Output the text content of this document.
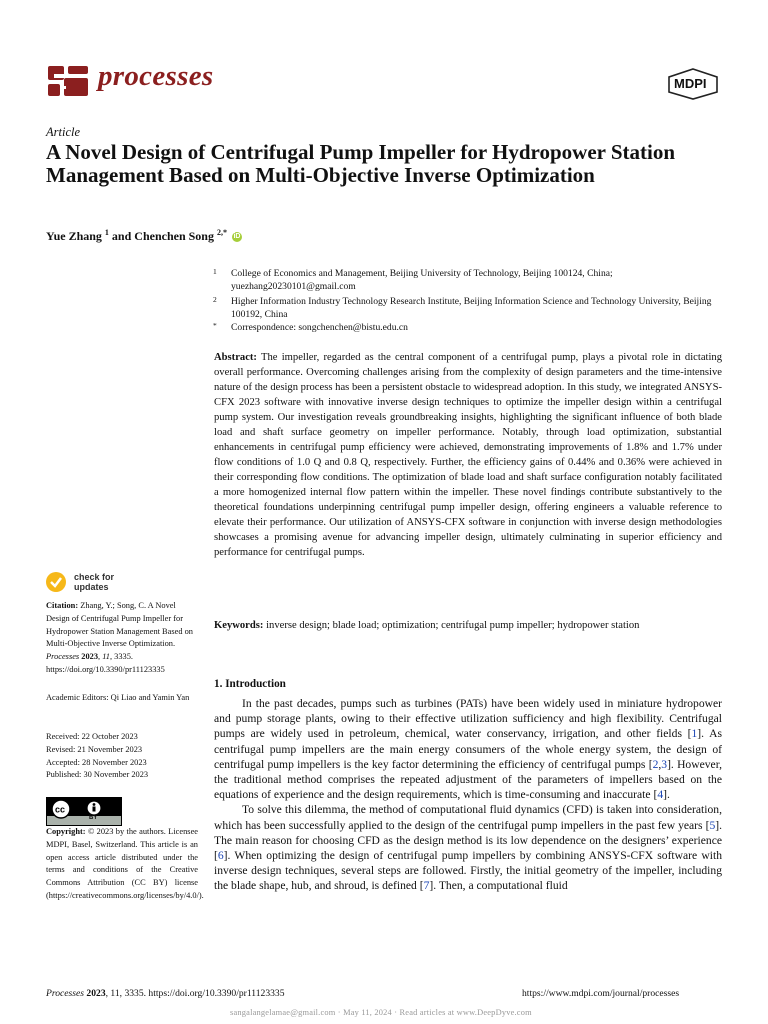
processes	MDPI
Article
A Novel Design of Centrifugal Pump Impeller for Hydropower Station Management Based on Multi-Objective Inverse Optimization
Yue Zhang $^1$ and Chenchen Song $^{2,*}$ iD
1 College of Economics and Management, Beijing University of Technology, Beijing 100124, China; yuezhang20230101@gmail.com
2 Higher Information Industry Technology Research Institute, Beijing Information Science and Technology University, Beijing 100192, China
* Correspondence: songchenchen@bistu.edu.cn
Abstract: The impeller, regarded as the central component of a centrifugal pump, plays a pivotal role in dictating overall performance. Overcoming challenges arising from the complexity of design parameters and the time-intensive nature of the design process has been a persistent obstacle to widespread adoption. In this study, we integrated ANSYS-CFX 2023 software with innovative inverse design techniques to optimize the impeller design within a centrifugal pump system. Our investigation reveals groundbreaking insights, highlighting the significant influence of both blade load and shaft surface geometry on impeller performance. Notably, through load optimization, substantial enhancements in centrifugal pump efficiency were achieved, demonstrating improvements of 1.8% and 1.7% under flow conditions of 1.0 Q and 0.8 Q, respectively. Further, the efficiency gains of 0.44% and 0.36% were achieved in their corresponding flow conditions. The optimization of blade load and shaft surface configuration notably facilitated a more homogenized internal flow pattern within the impeller. These novel findings contribute substantively to the theoretical foundations underpinning centrifugal pump impeller design, offering engineers a valuable reference to elevate their performance. Our utilization of ANSYS-CFX software in conjunction with inverse design methodologies showcases a promising avenue for advancing impeller design, ultimately culminating in superior efficiency and performance for centrifugal pumps.
Keywords: inverse design; blade load; optimization; centrifugal pump impeller; hydropower station
check for
updates
Citation: Zhang, Y.; Song, C. A Novel Design of Centrifugal Pump Impeller for Hydropower Station Management Based on Multi-Objective Inverse Optimization. Processes 2023, 11, 3335. https://doi.org/10.3390/pr11123335
Academic Editors: Qi Liao and Yamin Yan
Received: 22 October 2023
Revised: 21 November 2023
Accepted: 28 November 2023
Published: 30 November 2023
cc
BY
Copyright: © 2023 by the authors. Licensee MDPI, Basel, Switzerland. This article is an open access article distributed under the terms and conditions of the Creative Commons Attribution (CC BY) license (https://creativecommons.org/licenses/by/4.0/).
1. Introduction

In the past decades, pumps such as turbines (PATs) have been widely used in miniature hydropower and pump storage plants, owing to their effective utilization sufficiency and high flexibility. Centrifugal pumps are widely used in petroleum, chemical, water conservancy, irrigation, and other fields [1]. As centrifugal pump impellers are the main energy consumers of the whole energy system, the design of centrifugal pump impellers is the key factor determining the efficiency of centrifugal pumps [2,3]. However, the traditional method comprises the repeated adjustment of the parameters of impellers based on the equations of experience and the design requirements, which is time-consuming and inaccurate [4].

To solve this dilemma, the method of computational fluid dynamics (CFD) is taken into consideration, which has been successfully applied to the design of the centrifugal pump impellers in the past few years [5]. The main reason for choosing CFD as the design method is its low dependence on the designers’ experience [6]. When optimizing the design of centrifugal pump impellers by combining ANSYS-CFX software with inverse design techniques, several steps are followed. Firstly, the initial geometry of the impeller, including the blade shape, hub, and shroud, is defined [7]. Then, a computational fluid

Processes 2023, 11, 3335. https://doi.org/10.3390/pr11123335	https://www.mdpi.com/journal/processes
sangalangelamae@gmail.com · May 11, 2024 · Read articles at www.DeepDyve.com
